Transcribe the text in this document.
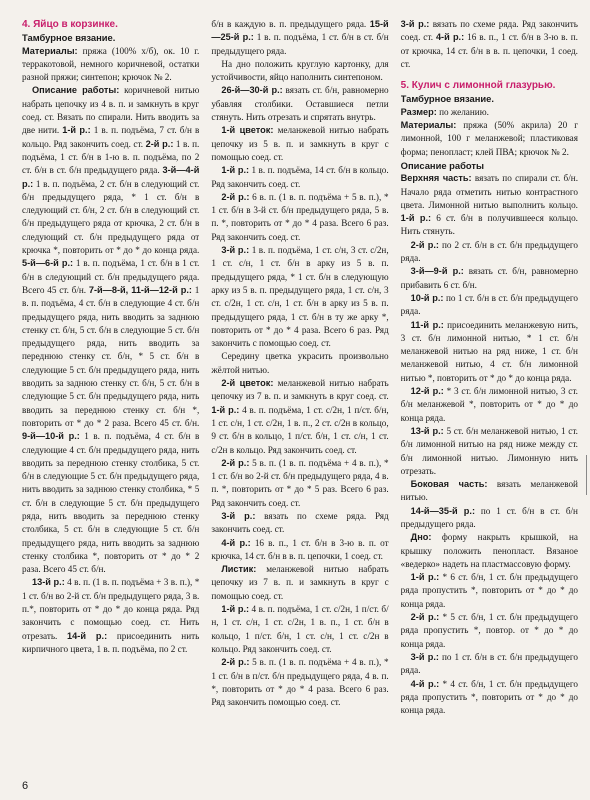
4. Яйцо в корзинке.

Тамбурное вязание.

Материалы: пряжа (100% х/б), ок. 10 г. терракотовой, немного коричневой, остатки разной пряжи; синтепон; крючок № 2.

Описание работы: коричневой нитью набрать цепочку из 4 в. п. и замкнуть в круг соед. ст. Вязать по спирали. Нить вводить за две нити. 1-й р.: 1 в. п. подъёма, 7 ст. б/н в кольцо. Ряд закончить соед. ст. 2-й р.: 1 в. п. подъёма, 1 ст. б/н в 1-ю в. п. подъёма, по 2 ст. б/н в ст. б/н предыдущего ряда. 3-й—4-й р.: 1 в. п. подъёма, 2 ст. б/н в следующий ст. б/н предыдущего ряда, * 1 ст. б/н в следующий ст. б/н, 2 ст. б/н в следующий ст. б/н предыдущего ряда от крючка, 2 ст. б/н в следующий ст. б/н предыдущего ряда от крючка *, повторить от * до * до конца ряда. 5-й—6-й р.: 1 в. п. подъёма, 1 ст. б/н в 1 ст. б/н в следующий ст. б/н предыдущего ряда. Всего 45 ст. б/н. 7-й—8-й, 11-й—12-й р.: 1 в. п. подъёма, 4 ст. б/н в следующие 4 ст. б/н предыдущего ряда, нить вводить за заднюю стенку ст. б/н, 5 ст. б/н в следующие 5 ст. б/н предыдущего ряда, нить вводить за переднюю стенку ст. б/н, * 5 ст. б/н в следующие 5 ст. б/н предыдущего ряда, нить вводить за заднюю стенку ст. б/н, 5 ст. б/н в следующие 5 ст. б/н предыдущего ряда, нить вводить за переднюю стенку ст. б/н *, повторить от * до * 2 раза. Всего 45 ст. б/н. 9-й—10-й р.: 1 в. п. подъёма, 4 ст. б/н в следующие 4 ст. б/н предыдущего ряда, нить вводить за переднюю стенку столбика, 5 ст. б/н в следующие 5 ст. б/н предыдущего ряда, нить вводить за заднюю стенку столбика, * 5 ст. б/н в следующие 5 ст. б/н предыдущего ряда, нить вводить за переднюю стенку столбика, 5 ст. б/н в следующие 5 ст. б/н предыдущего ряда, нить вводить за заднюю стенку столбика *, повторить от * до * 2 раза. Всего 45 ст. б/н.

13-й р.: 4 в. п. (1 в. п. подъёма + 3 в. п.), * 1 ст. б/н во 2-й ст. б/н предыдущего ряда, 3 в. п.*, повторить от * до * до конца ряда. Ряд закончить с помощью соед. ст. Нить отрезать. 14-й р.: присоединить нить кирпичного цвета, 1 в. п. подъёма, по 2 ст.

б/н в каждую в. п. предыдущего ряда. 15-й—25-й р.: 1 в. п. подъёма, 1 ст. б/н в ст. б/н предыдущего ряда.

На дно положить круглую картонку, для устойчивости, яйцо наполнить синтепоном.

26-й—30-й р.: вязать ст. б/н, равномерно убавляя столбики. Оставшиеся петли стянуть. Нить отрезать и спрятать внутрь.

1-й цветок: меланжевой нитью набрать цепочку из 5 в. п. и замкнуть в круг с помощью соед. ст.

1-й р.: 1 в. п. подъёма, 14 ст. б/н в кольцо. Ряд закончить соед. ст.

2-й р.: 6 в. п. (1 в. п. подъёма + 5 в. п.), * 1 ст. б/н в 3-й ст. б/н предыдущего ряда, 5 в. п. *, повторить от * до * 4 раза. Всего 6 раз. Ряд закончить соед. ст.

3-й р.: 1 в. п. подъёма, 1 ст. с/н, 3 ст. с/2н, 1 ст. с/н, 1 ст. б/н в арку из 5 в. п. предыдущего ряда, * 1 ст. б/н в следующую арку из 5 в. п. предыдущего ряда, 1 ст. с/н, 3 ст. с/2н, 1 ст. с/н, 1 ст. б/н в арку из 5 в. п. предыдущего ряда, 1 ст. б/н в ту же арку *, повторить от * до * 4 раза. Всего 6 раз. Ряд закончить с помощью соед. ст.

Середину цветка украсить произвольно жёлтой нитью.

2-й цветок: меланжевой нитью набрать цепочку из 7 в. п. и замкнуть в круг соед. ст. 1-й р.: 4 в. п. подъёма, 1 ст. с/2н, 1 п/ст. б/н, 1 ст. с/н, 1 ст. с/2н, 1 в. п., 2 ст. с/2н в кольцо, 9 ст. б/н в кольцо, 1 п/ст. б/н, 1 ст. с/н, 1 ст. с/2н в кольцо. Ряд закончить соед. ст.

2-й р.: 5 в. п. (1 в. п. подъёма + 4 в. п.), * 1 ст. б/н во 2-й ст. б/н предыдущего ряда, 4 в. п. *, повторить от * до * 5 раз. Всего 6 раз. Ряд закончить соед. ст.

3-й р.: вязать по схеме ряда. Ряд закончить соед. ст.

4-й р.: 16 в. п., 1 ст. б/н в 3-ю в. п. от крючка, 14 ст. б/н в в. п. цепочки, 1 соед. ст.

Листик: меланжевой нитью набрать цепочку из 7 в. п. и замкнуть в круг с помощью соед. ст.

1-й р.: 4 в. п. подъёма, 1 ст. с/2н, 1 п/ст. б/н, 1 ст. с/н, 1 ст. с/2н, 1 в. п., 1 ст. б/н в кольцо, 1 п/ст. б/н, 1 ст. с/н, 1 ст. с/2н в кольцо. Ряд закончить соед. ст.

2-й р.: 5 в. п. (1 в. п. подъёма + 4 в. п.), * 1 ст. б/н в п/ст. б/н предыдущего ряда, 4 в. п. *, повторить от * до * 4 раза. Всего 6 раз. Ряд закончить помощью соед. ст.

3-й р.: вязать по схеме ряда. Ряд закончить соед. ст. 4-й р.: 16 в. п., 1 ст. б/н в 3-ю в. п. от крючка, 14 ст. б/н в в. п. цепочки, 1 соед. ст.

5. Кулич с лимонной глазурью.

Тамбурное вязание.

Размер: по желанию.

Материалы: пряжа (50% акрила) 20 г лимонной, 100 г меланжевой; пластиковая форма; пенопласт; клей ПВА; крючок № 2.

Описание работы

Верхняя часть: вязать по спирали ст. б/н. Начало ряда отметить нитью контрастного цвета. Лимонной нитью выполнить кольцо. 1-й р.: 6 ст. б/н в получившееся кольцо. Нить стянуть.

2-й р.: по 2 ст. б/н в ст. б/н предыдущего ряда.

3-й—9-й р.: вязать ст. б/н, равномерно прибавить 6 ст. б/н.

10-й р.: по 1 ст. б/н в ст. б/н предыдущего ряда.

11-й р.: присоединить меланжевую нить, 3 ст. б/н лимонной нитью, * 1 ст. б/н меланжевой нитью на ряд ниже, 1 ст. б/н меланжевой нитью, 4 ст. б/н лимонной нитью *, повторить от * до * до конца ряда.

12-й р.: * 3 ст. б/н лимонной нитью, 3 ст. б/н меланжевой *, повторить от * до * до конца ряда.

13-й р.: 5 ст. б/н меланжевой нитью, 1 ст. б/н лимонной нитью на ряд ниже между ст. б/н лимонной нитью. Лимонную нить отрезать.

Боковая часть: вязать меланжевой нитью.

14-й—35-й р.: по 1 ст. б/н в ст. б/н предыдущего ряда.

Дно: форму накрыть крышкой, на крышку положить пенопласт. Вязаное «ведерко» надеть на пластмассовую форму.

1-й р.: * 6 ст. б/н, 1 ст. б/н предыдущего ряда пропустить *, повторить от * до * до конца ряда.

2-й р.: * 5 ст. б/н, 1 ст. б/н предыдущего ряда пропустить *, повтор. от * до * до конца ряда.

3-й р.: по 1 ст. б/н в ст. б/н предыдущего ряда.

4-й р.: * 4 ст. б/н, 1 ст. б/н предыдущего ряда пропустить *, повторить от * до * до конца ряда.

6
